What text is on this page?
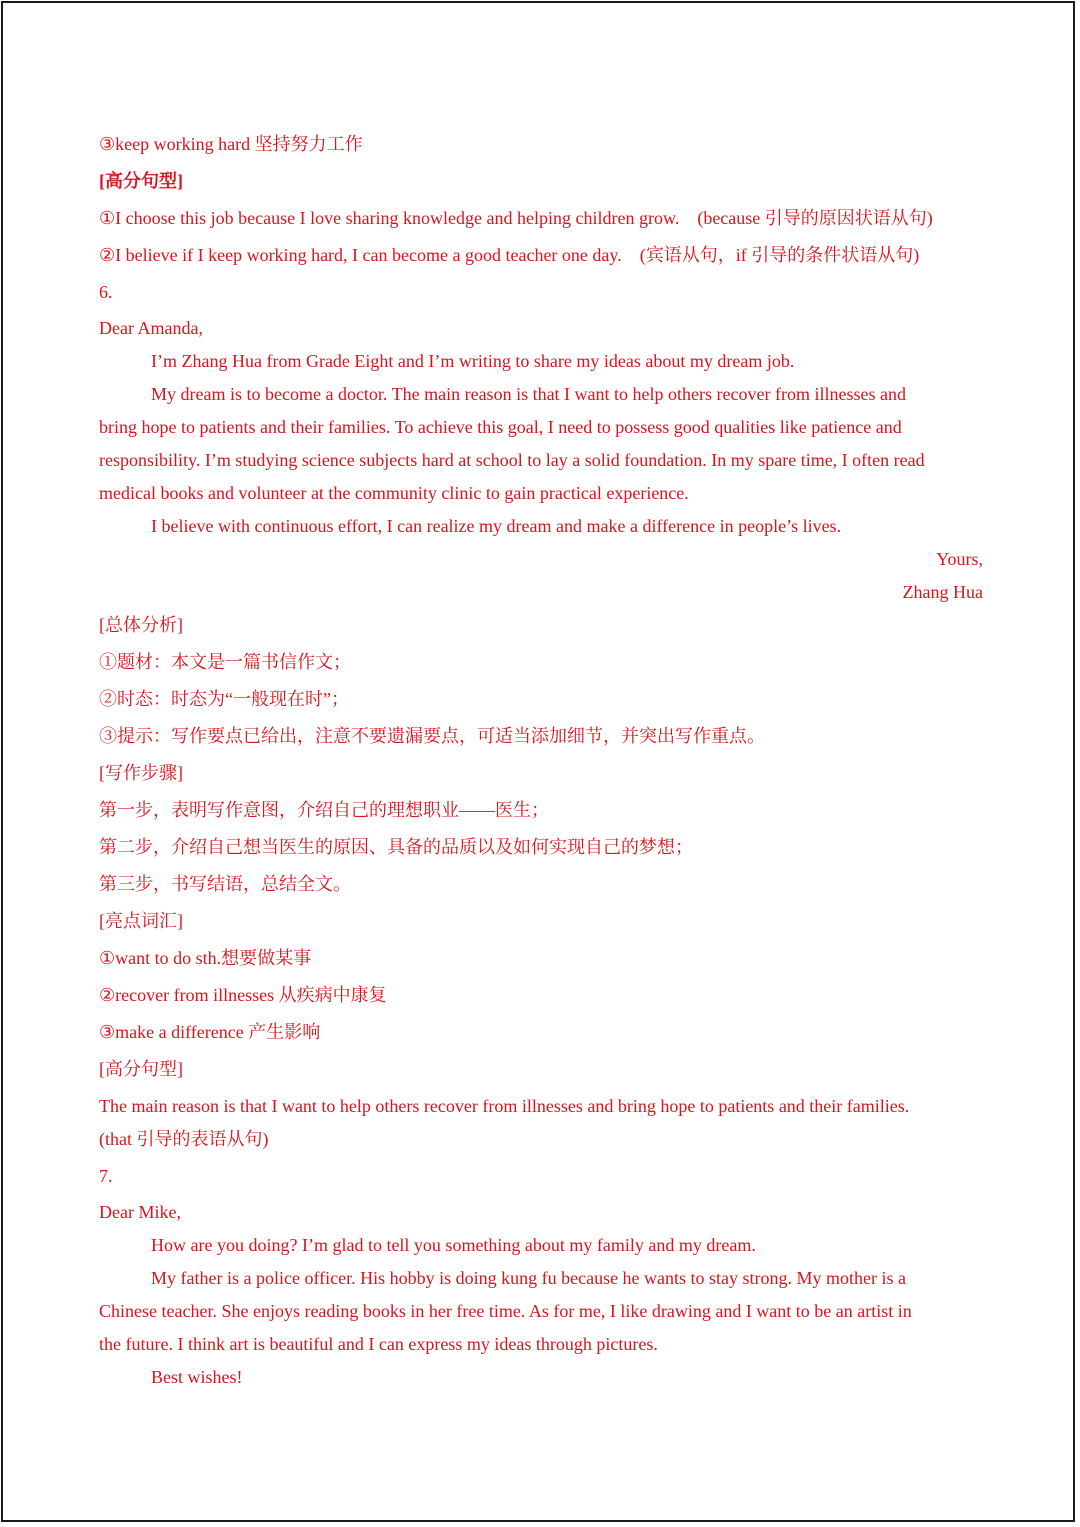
③keep working hard 坚持努力工作
[高分句型]
①I choose this job because I love sharing knowledge and helping children grow. (because 引导的原因状语从句)
②I believe if I keep working hard, I can become a good teacher one day. (宾语从句，if 引导的条件状语从句)
6.
Dear Amanda,
I’m Zhang Hua from Grade Eight and I’m writing to share my ideas about my dream job.
My dream is to become a doctor. The main reason is that I want to help others recover from illnesses and
bring hope to patients and their families. To achieve this goal, I need to possess good qualities like patience and
responsibility. I’m studying science subjects hard at school to lay a solid foundation. In my spare time, I often read
medical books and volunteer at the community clinic to gain practical experience.
I believe with continuous effort, I can realize my dream and make a difference in people’s lives.
Yours,
Zhang Hua
[总体分析]
①题材：本文是一篇书信作文；
②时态：时态为“一般现在时”；
③提示：写作要点已给出，注意不要遗漏要点，可适当添加细节，并突出写作重点。
[写作步骤]
第一步，表明写作意图，介绍自己的理想职业——医生；
第二步，介绍自己想当医生的原因、具备的品质以及如何实现自己的梦想；
第三步，书写结语，总结全文。
[亮点词汇]
①want to do sth.想要做某事
②recover from illnesses 从疾病中康复
③make a difference 产生影响
[高分句型]
The main reason is that I want to help others recover from illnesses and bring hope to patients and their families.
(that 引导的表语从句)
7.
Dear Mike,
How are you doing? I’m glad to tell you something about my family and my dream.
My father is a police officer. His hobby is doing kung fu because he wants to stay strong. My mother is a
Chinese teacher. She enjoys reading books in her free time. As for me, I like drawing and I want to be an artist in
the future. I think art is beautiful and I can express my ideas through pictures.
Best wishes!
